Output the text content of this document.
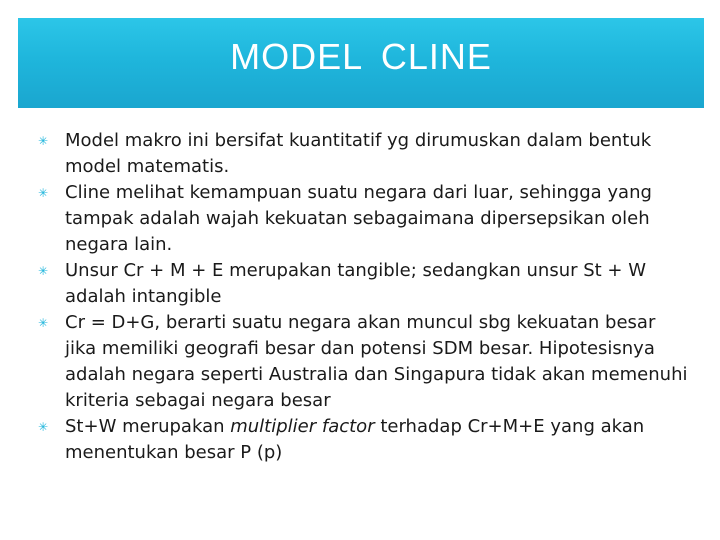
MODEL CLINE
✳ Model makro ini bersifat kuantitatif yg dirumuskan dalam bentuk model matematis.
✳ Cline melihat kemampuan suatu negara dari luar, sehingga yang tampak adalah wajah kekuatan sebagaimana dipersepsikan oleh negara lain.
✳ Unsur Cr + M + E merupakan tangible; sedangkan unsur St + W adalah intangible
✳ Cr = D+G, berarti suatu negara akan muncul sbg kekuatan besar jika memiliki geografi besar dan potensi SDM besar. Hipotesisnya adalah negara seperti Australia dan Singapura tidak akan memenuhi kriteria sebagai negara besar
✳ St+W merupakan multiplier factor terhadap Cr+M+E yang akan menentukan besar P (p)
